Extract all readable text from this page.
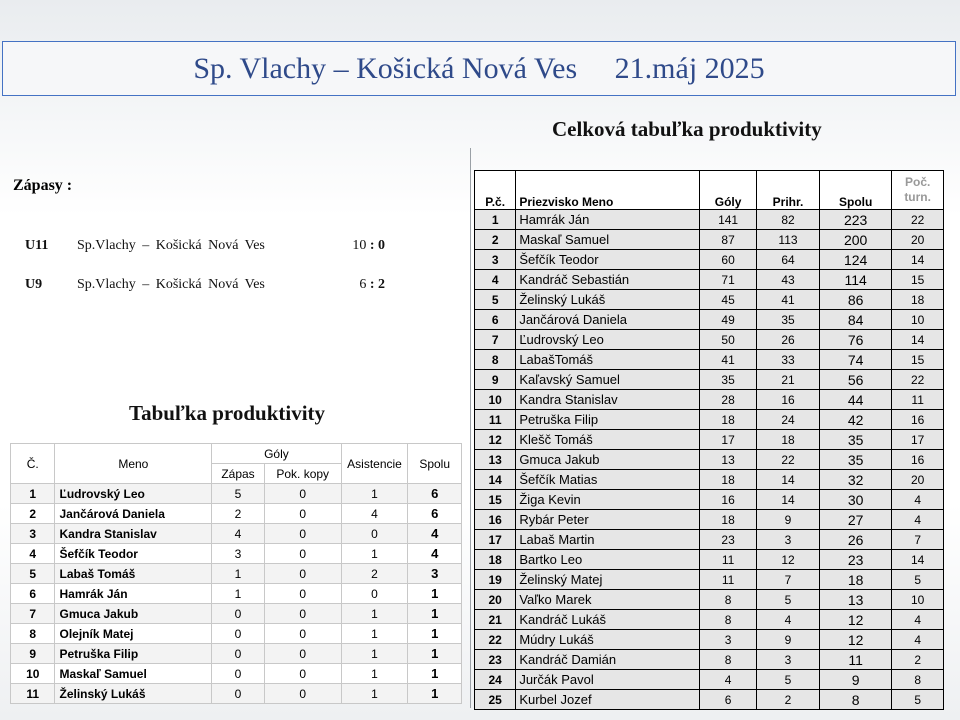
Sp. Vlachy – Košická Nová Ves     21.máj 2025
Celková tabuľka produktivity
Zápasy :
U11 Sp.Vlachy – Košická Nová Ves	10 : 0
U9 Sp.Vlachy – Košická Nová Ves	6 : 2
Tabuľka produktivity
Č.	Meno	Góly		Asistencie	Spolu
		Zápas	Pok. kopy		
1	Ľudrovský Leo	5	0	1	6
2	Jančárová Daniela	2	0	4	6
3	Kandra Stanislav	4	0	0	4
4	Šefčík Teodor	3	0	1	4
5	Labaš Tomáš	1	0	2	3
6	Hamrák Ján	1	0	0	1
7	Gmuca Jakub	0	0	1	1
8	Olejník Matej	0	0	1	1
9	Petruška Filip	0	0	1	1
10	Maskaľ Samuel	0	0	1	1
11	Želinský Lukáš	0	0	1	1
P.č.	Priezvisko Meno	Góly	Prihr.	Spolu	Poč.
turn.
1	Hamrák Ján	141	82	223	22
2	Maskaľ Samuel	87	113	200	20
3	Šefčík Teodor	60	64	124	14
4	Kandráč Sebastián	71	43	114	15
5	Želinský Lukáš	45	41	86	18
6	Jančárová Daniela	49	35	84	10
7	Ľudrovský Leo	50	26	76	14
8	LabašTomáš	41	33	74	15
9	Kaľavský Samuel	35	21	56	22
10	Kandra Stanislav	28	16	44	11
11	Petruška Filip	18	24	42	16
12	Klešč Tomáš	17	18	35	17
13	Gmuca Jakub	13	22	35	16
14	Šefčík Matias	18	14	32	20
15	Žiga Kevin	16	14	30	4
16	Rybár Peter	18	9	27	4
17	Labaš Martin	23	3	26	7
18	Bartko Leo	11	12	23	14
19	Želinský Matej	11	7	18	5
20	Vaľko Marek	8	5	13	10
21	Kandráč Lukáš	8	4	12	4
22	Múdry Lukáš	3	9	12	4
23	Kandráč Damián	8	3	11	2
24	Jurčák Pavol	4	5	9	8
25	Kurbel Jozef	6	2	8	5
